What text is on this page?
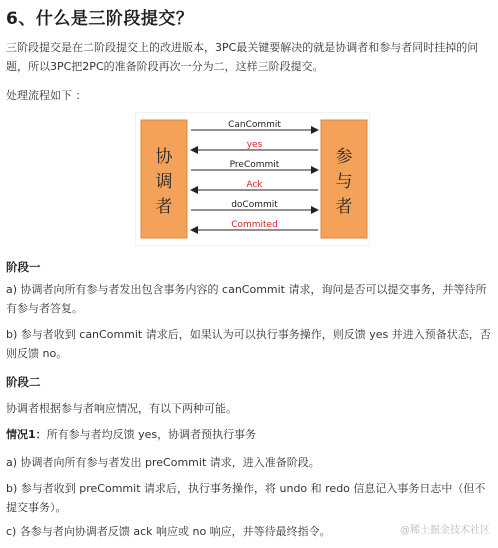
6、什么是三阶段提交？

三阶段提交是在二阶段提交上的改进版本，3PC最关键要解决的就是协调者和参与者同时挂掉的问题，所以3PC把2PC的准备阶段再次一分为二，这样三阶段提交。

处理流程如下 ：

协
调
者
参
与
者
CanCommit
yes
PreCommit
Ack
doCommit
Commited
阶段一

a) 协调者向所有参与者发出包含事务内容的 canCommit 请求，询问是否可以提交事务，并等待所有参与者答复。

b) 参与者收到 canCommit 请求后，如果认为可以执行事务操作，则反馈 yes 并进入预备状态，否则反馈 no。

阶段二

协调者根据参与者响应情况，有以下两种可能。

情况1：所有参与者均反馈 yes，协调者预执行事务

a) 协调者向所有参与者发出 preCommit 请求，进入准备阶段。

b) 参与者收到 preCommit 请求后，执行事务操作，将 undo 和 redo 信息记入事务日志中（但不提交事务）。

c) 各参与者向协调者反馈 ack 响应或 no 响应，并等待最终指令。	@稀土掘金技术社区
